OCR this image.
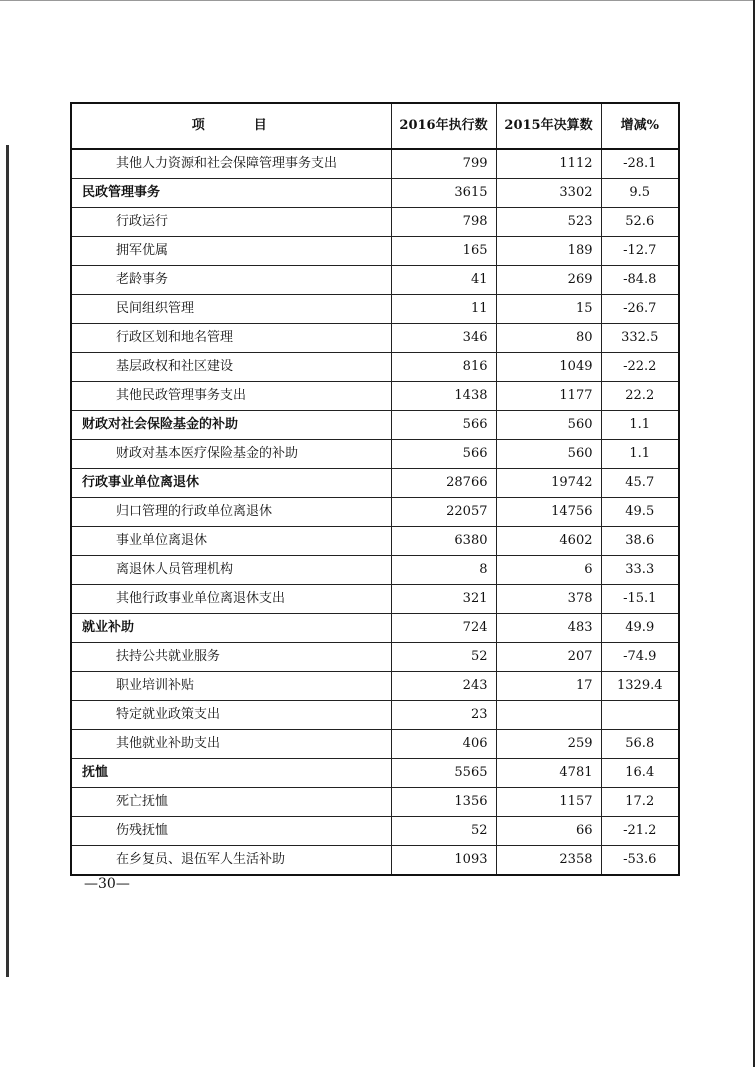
项　目	2016年执行数	2015年决算数	增减%
其他人力资源和社会保障管理事务支出	799	1112	-28.1
民政管理事务	3615	3302	9.5
行政运行	798	523	52.6
拥军优属	165	189	-12.7
老龄事务	41	269	-84.8
民间组织管理	11	15	-26.7
行政区划和地名管理	346	80	332.5
基层政权和社区建设	816	1049	-22.2
其他民政管理事务支出	1438	1177	22.2
财政对社会保险基金的补助	566	560	1.1
财政对基本医疗保险基金的补助	566	560	1.1
行政事业单位离退休	28766	19742	45.7
归口管理的行政单位离退休	22057	14756	49.5
事业单位离退休	6380	4602	38.6
离退休人员管理机构	8	6	33.3
其他行政事业单位离退休支出	321	378	-15.1
就业补助	724	483	49.9
扶持公共就业服务	52	207	-74.9
职业培训补贴	243	17	1329.4
特定就业政策支出	23		
其他就业补助支出	406	259	56.8
抚恤	5565	4781	16.4
死亡抚恤	1356	1157	17.2
伤残抚恤	52	66	-21.2
在乡复员、退伍军人生活补助	1093	2358	-53.6
—30—
